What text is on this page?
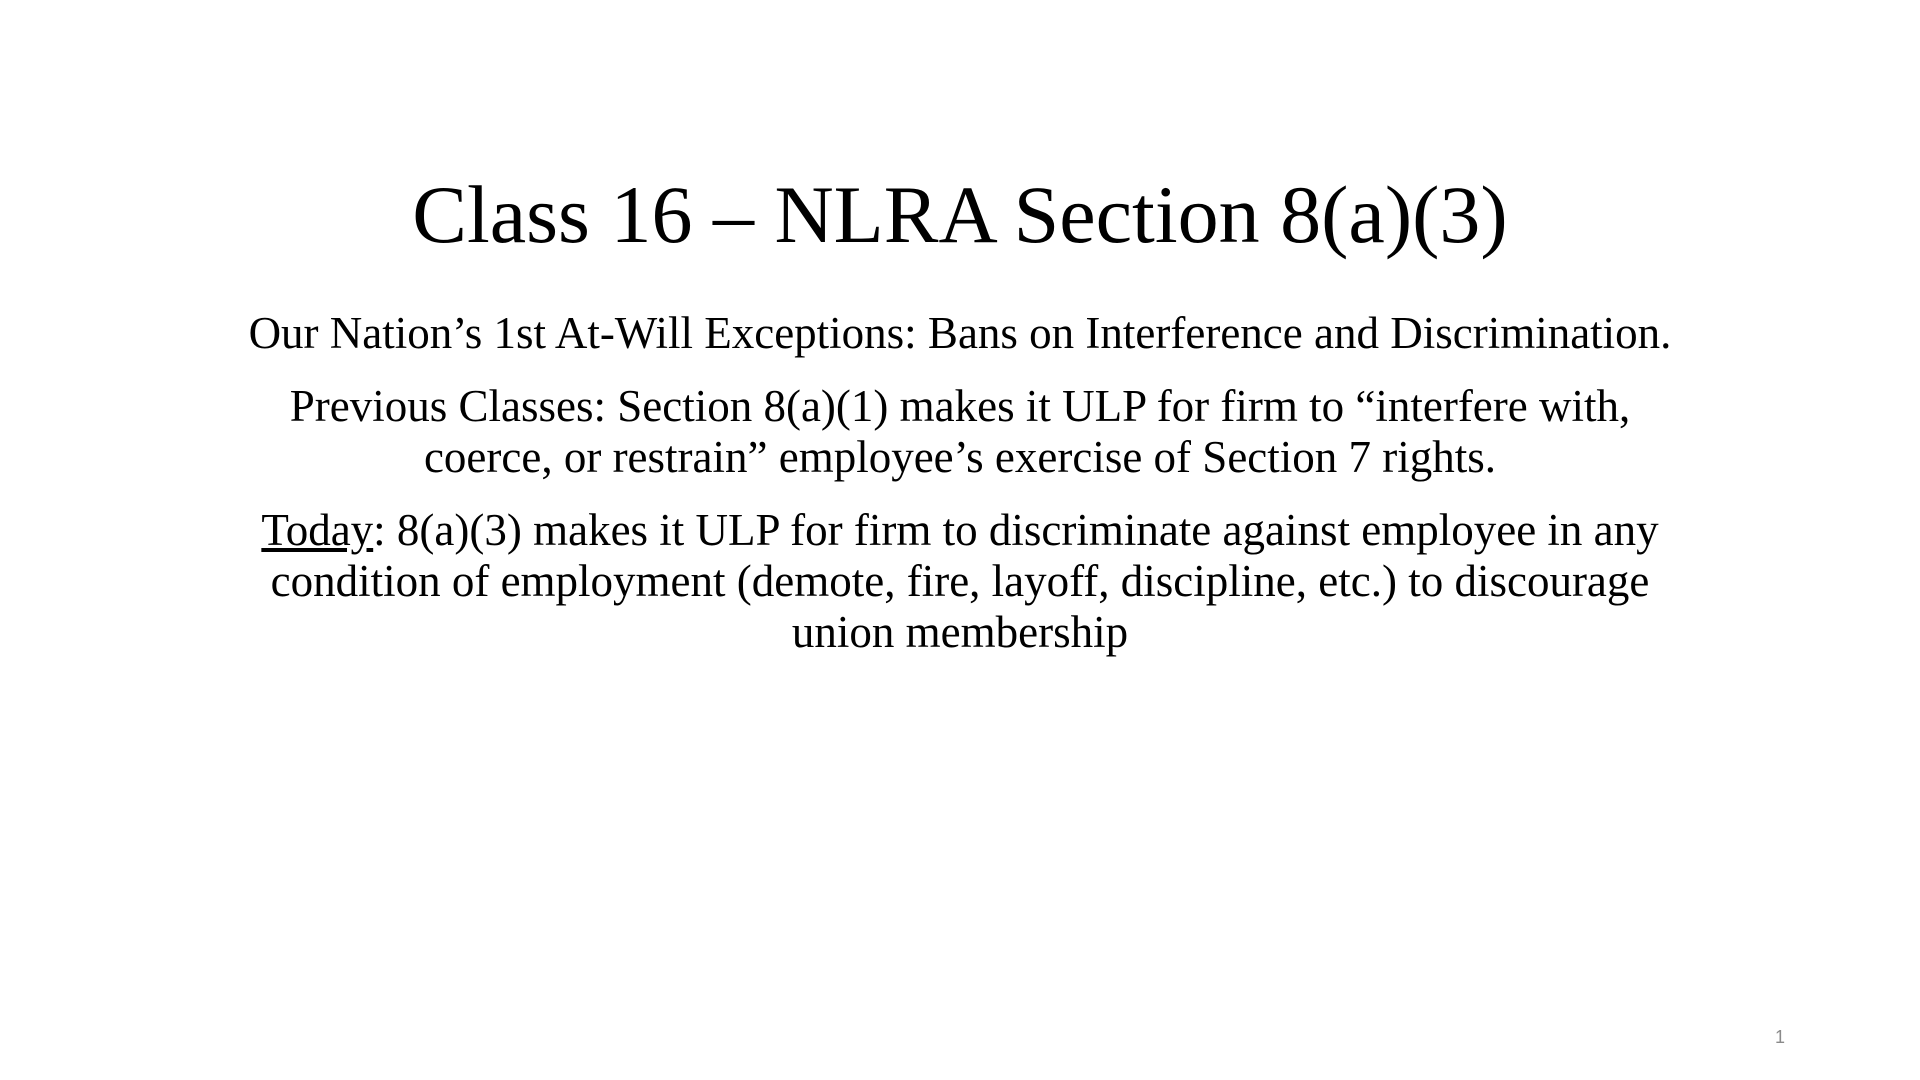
Class 16 – NLRA Section 8(a)(3)

Our Nation’s 1st At-Will Exceptions: Bans on Interference and Discrimination.

Previous Classes: Section 8(a)(1) makes it ULP for firm to “interfere with, coerce, or restrain” employee’s exercise of Section 7 rights.

Today: 8(a)(3) makes it ULP for firm to discriminate against employee in any condition of employment (demote, fire, layoff, discipline, etc.) to discourage union membership

1
